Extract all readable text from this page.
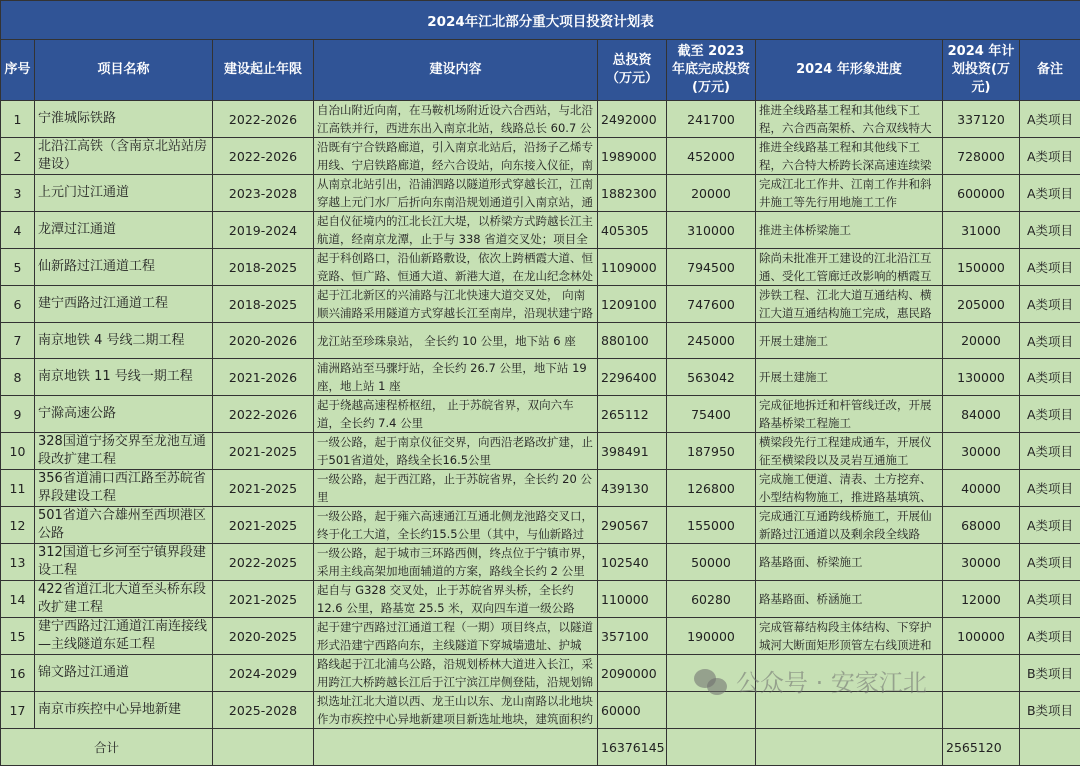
2024年江北部分重大项目投资计划表								
序号	项目名称	建设起止年限	建设内容	总投资（万元）	截至 2023 年底完成投资(万元)	2024 年形象进度	2024 年计划投资(万元)	备注

1	宁淮城际铁路	2022-2026	自冶山附近向南，在马鞍机场附近设六合西站，与北沿江高铁并行，西进东出入南京北站，线路总长 60.7 公	2492000	241700	推进全线路基工程和其他线下工程，六合西高架桥、六合双线特大	337120	A类项目

2	北沿江高铁（含南京北站站房建设）	2022-2026	沿既有宁合铁路廊道，引入南京北站后，沿扬子乙烯专用线、宁启铁路廊道，经六合设站，向东接入仪征，南	1989000	452000	推进全线路基工程和其他线下工程，六合特大桥跨长深高速连续梁	728000	A类项目

3	上元门过江通道	2023-2028	从南京北站引出，沿浦泗路以隧道形式穿越长江，江南穿越上元门水厂后折向东南沿规划通道引入南京站，通	1882300	20000	完成江北工作井、江南工作井和斜井施工等先行用地施工工作	600000	A类项目

4	龙潭过江通道	2019-2024	起自仪征境内的江北长江大堤，以桥梁方式跨越长江主航道，经南京龙潭，止于与 338 省道交叉处；项目全	405305	310000	推进主体桥梁施工	31000	A类项目

5	仙新路过江通道工程	2018-2025	起于科创路口，沿仙新路敷设，依次上跨栖霞大道、恒竞路、恒广路、恒通大道、新港大道，在龙山纪念林处	1109000	794500	除尚未批准开工建设的江北沿江互通、受化工管廊迁改影响的栖霞互	150000	A类项目

6	建宁西路过江通道工程	2018-2025	起于江北新区的兴浦路与江北快速大道交叉处， 向南顺兴浦路采用隧道方式穿越长江至南岸，沿现状建宁路	1209100	747600	涉铁工程、江北大道互通结构、横江大道互通结构施工完成，惠民路	205000	A类项目

7	南京地铁 4 号线二期工程	2020-2026	龙江站至珍珠泉站， 全长约 10 公里，地下站 6 座	880100	245000	开展土建施工	20000	A类项目

8	南京地铁 11 号线一期工程	2021-2026	浦洲路站至马骤圩站，全长约 26.7 公里，地下站 19 座，地上站 1 座	2296400	563042	开展土建施工	130000	A类项目

9	宁滁高速公路	2022-2026	起于绕越高速程桥枢纽， 止于苏皖省界，双向六车道，全长约 7.4 公里	265112	75400	完成征地拆迁和杆管线迁改，开展路基桥梁工程施工	84000	A类项目

10	328国道宁扬交界至龙池互通段改扩建工程	2021-2025	一级公路，起于南京仪征交界，向西沿老路改扩建，止于501省道处，路线全长16.5公里	398491	187950	横梁段先行工程建成通车，开展仪征至横梁段以及灵岩互通施工	30000	A类项目

11	356省道浦口西江路至苏皖省界段建设工程	2021-2025	一级公路，起于西江路，止于苏皖省界，全长约 20 公里	439130	126800	完成施工便道、清表、土方挖弃、小型结构物施工，推进路基填筑、	40000	A类项目

12	501省道六合雄州至西坝港区公路	2021-2025	一级公路，起于雍六高速通江互通北侧龙池路交叉口，终于化工大道，全长约15.5公里（其中，与仙新路过	290567	155000	完成通江互通跨线桥施工，开展仙新路过江通道以及剩余段全线路	68000	A类项目

13	312国道七乡河至宁镇界段建设工程	2022-2025	一级公路，起于城市三环路西侧，终点位于宁镇市界，采用主线高架加地面辅道的方案，路线全长约 2 公里	102540	50000	路基路面、桥梁施工	30000	A类项目

14	422省道江北大道至头桥东段改扩建工程	2021-2025	起自与 G328 交叉处，止于苏皖省界头桥，全长约 12.6 公里，路基宽 25.5 米，双向四车道一级公路	110000	60280	路基路面、桥涵施工	12000	A类项目

15	建宁西路过江通道江南连接线—主线隧道东延工程	2020-2025	起于建宁西路过江通道工程（一期）项目终点，以隧道形式沿建宁西路向东，主线隧道下穿城墙遗址、护城	357100	190000	完成管幕结构段主体结构、下穿护城河大断面矩形顶管左右线顶进和	100000	A类项目

16	锦文路过江通道	2024-2029	路线起于江北浦乌公路，沿规划桥林大道进入长江，采用跨江大桥跨越长江后于江宁滨江岸侧登陆，沿规划锦	2090000				B类项目

17	南京市疾控中心异地新建	2025-2028	拟选址江北大道以西、龙王山以东、龙山南路以北地块作为市疾控中心异地新建项目新选址地块，建筑面积约	60000				B类项目

合计				16376145			2565120	
公众号 · 安家江北
